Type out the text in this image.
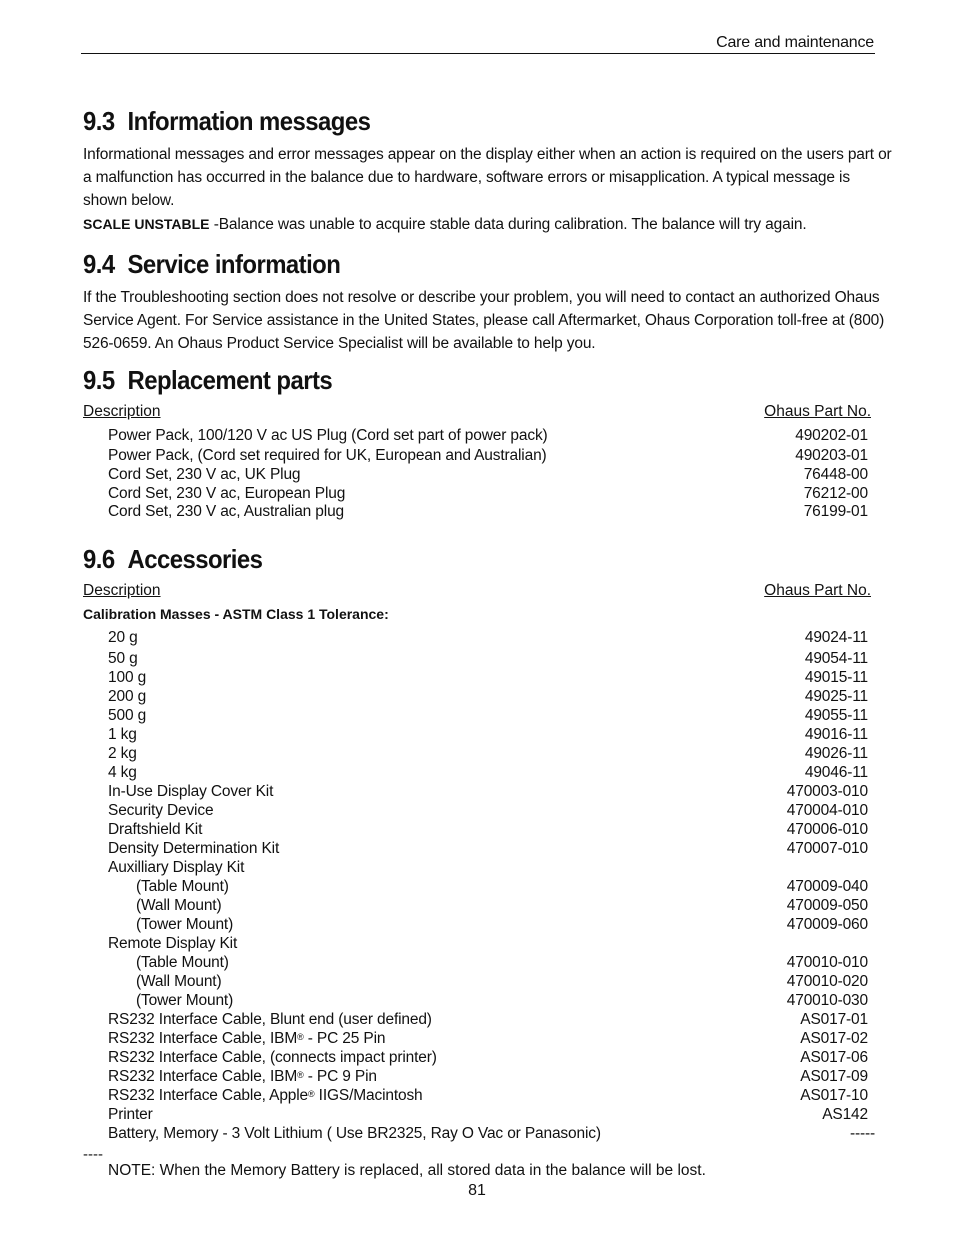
Care and maintenance
9.3 Information messages

Informational messages and error messages appear on the display either when an action is required on the users part or a malfunction has occurred in the balance due to hardware, software errors or misapplication. A typical message is shown below.

SCALE UNSTABLE -Balance was unable to acquire stable data during calibration. The balance will try again.

9.4 Service information

If the Troubleshooting section does not resolve or describe your problem, you will need to contact an authorized Ohaus Service Agent. For Service assistance in the United States, please call Aftermarket, Ohaus Corporation toll-free at (800) 526-0659. An Ohaus Product Service Specialist will be available to help you.

9.5 Replacement parts
Description	Ohaus Part No.
Power Pack, 100/120 V ac US Plug (Cord set part of power pack)	490202-01
Power Pack, (Cord set required for UK, European and Australian)	490203-01
Cord Set, 230 V ac, UK Plug	76448-00
Cord Set, 230 V ac, European Plug	76212-00
Cord Set, 230 V ac, Australian plug	76199-01
9.6 Accessories
Description	Ohaus Part No.
Calibration Masses - ASTM Class 1 Tolerance:
20 g	49024-11
50 g	49054-11
100 g	49015-11
200 g	49025-11
500 g	49055-11
1 kg	49016-11
2 kg	49026-11
4 kg	49046-11
In-Use Display Cover Kit	470003-010
Security Device	470004-010
Draftshield Kit	470006-010
Density Determination Kit	470007-010
Auxilliary Display Kit
(Table Mount)	470009-040
(Wall Mount)	470009-050
(Tower Mount)	470009-060
Remote Display Kit
(Table Mount)	470010-010
(Wall Mount)	470010-020
(Tower Mount)	470010-030
RS232 Interface Cable, Blunt end (user defined)	AS017-01
RS232 Interface Cable, IBM® - PC 25 Pin	AS017-02
RS232 Interface Cable, (connects impact printer)	AS017-06
RS232 Interface Cable, IBM® - PC 9 Pin	AS017-09
RS232 Interface Cable, Apple® IIGS/Macintosh	AS017-10
Printer	AS142
Battery, Memory - 3 Volt Lithium ( Use BR2325, Ray O Vac or Panasonic)	-----
----
NOTE: When the Memory Battery is replaced, all stored data in the balance will be lost.
81
